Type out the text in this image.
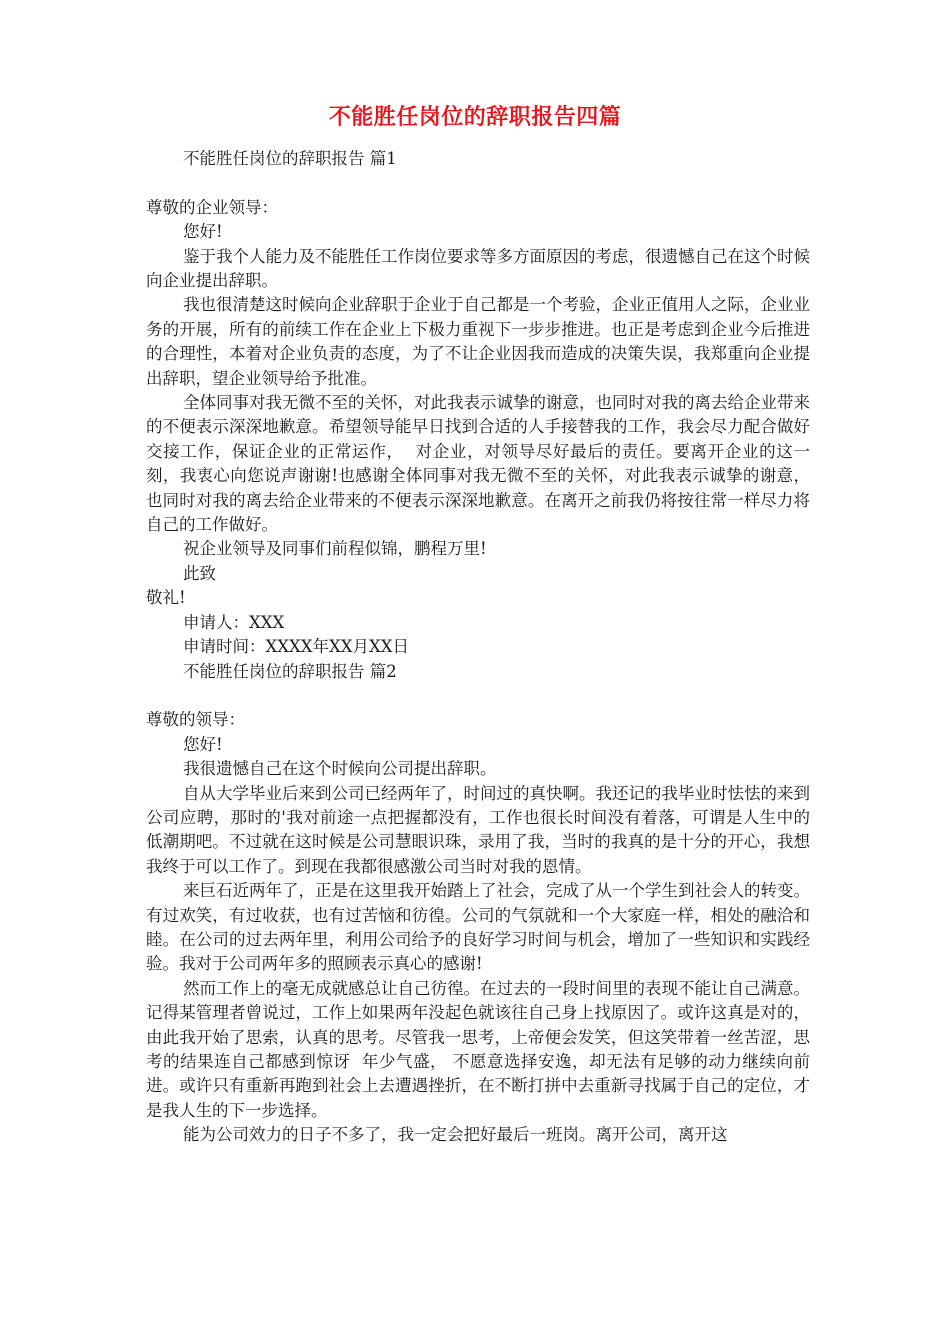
不能胜任岗位的辞职报告四篇

不能胜任岗位的辞职报告 篇1

尊敬的企业领导：

您好!

鉴于我个人能力及不能胜任工作岗位要求等多方面原因的考虑，很遗憾自己在这个时候向企业提出辞职。

我也很清楚这时候向企业辞职于企业于自己都是一个考验，企业正值用人之际，企业业务的开展，所有的前续工作在企业上下极力重视下一步步推进。也正是考虑到企业今后推进的合理性，本着对企业负责的态度，为了不让企业因我而造成的决策失误，我郑重向企业提出辞职，望企业领导给予批准。

全体同事对我无微不至的关怀，对此我表示诚挚的谢意，也同时对我的离去给企业带来的不便表示深深地歉意。希望领导能早日找到合适的人手接替我的工作，我会尽力配合做好交接工作，保证企业的正常运作，  对企业，对领导尽好最后的责任。要离开企业的这一刻，我衷心向您说声谢谢!也感谢全体同事对我无微不至的关怀，对此我表示诚挚的谢意，也同时对我的离去给企业带来的不便表示深深地歉意。在离开之前我仍将按往常一样尽力将自己的工作做好。

祝企业领导及同事们前程似锦，鹏程万里!

此致

敬礼!

申请人：XXX

申请时间：XXXX年XX月XX日

不能胜任岗位的辞职报告 篇2

尊敬的领导：

您好!

我很遗憾自己在这个时候向公司提出辞职。

自从大学毕业后来到公司已经两年了，时间过的真快啊。我还记的我毕业时怯怯的来到公司应聘，那时的'我对前途一点把握都没有，工作也很长时间没有着落，可谓是人生中的低潮期吧。不过就在这时候是公司慧眼识珠，录用了我，当时的我真的是十分的开心，我想我终于可以工作了。到现在我都很感激公司当时对我的恩情。

来巨石近两年了，正是在这里我开始踏上了社会，完成了从一个学生到社会人的转变。有过欢笑，有过收获，也有过苦恼和彷徨。公司的气氛就和一个大家庭一样，相处的融洽和睦。在公司的过去两年里，利用公司给予的良好学习时间与机会，增加了一些知识和实践经验。我对于公司两年多的照顾表示真心的感谢!

然而工作上的毫无成就感总让自己彷徨。在过去的一段时间里的表现不能让自己满意。记得某管理者曾说过，工作上如果两年没起色就该往自己身上找原因了。或许这真是对的，由此我开始了思索，认真的思考。尽管我一思考，上帝便会发笑，但这笑带着一丝苦涩，思考的结果连自己都感到惊讶  年少气盛， 不愿意选择安逸，却无法有足够的动力继续向前进。或许只有重新再跑到社会上去遭遇挫折，在不断打拼中去重新寻找属于自己的定位，才是我人生的下一步选择。

能为公司效力的日子不多了，我一定会把好最后一班岗。离开公司，离开这
